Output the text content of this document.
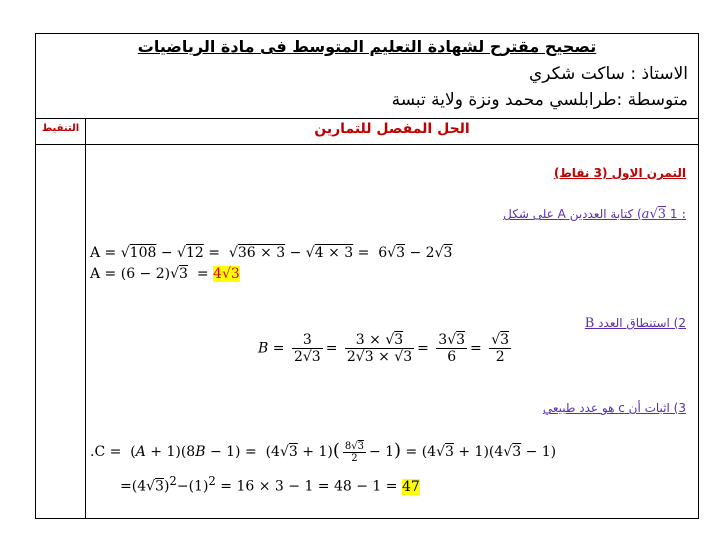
تصحيح مقترح لشهادة التعليم المتوسط فى مادة الرياضيات
الاستاذ : ساكت شكري
متوسطة :طرابلسي محمد ونزة ولاية تبسة
التنقيط	الحل المفصل للتمارين
التمرن الاول (3 نقاط)
: a√3 1) كتابة العددين A على شكل
A = √108 − √12 =  √36 × 3 − √4 × 3 =  6√3 − 2√3
A = (6 − 2)√3  = 4√3
2) استنطاق العدد B
$B = \frac{3}{2√3} = \frac{3 \times √3}{2√3 \times √3} = \frac{3√3}{6} = \frac{√3}{2}$
3) اثبات أن c هو عدد طبيعي
$.C = (A + 1)(8B - 1) = (4√3 + 1)( \frac{8√3}{2} - 1) = (4√3 + 1)(4√3 - 1)$
$=(4√3)^2-(1)^2 = 16 \times 3 - 1 = 48 - 1 = 47$
